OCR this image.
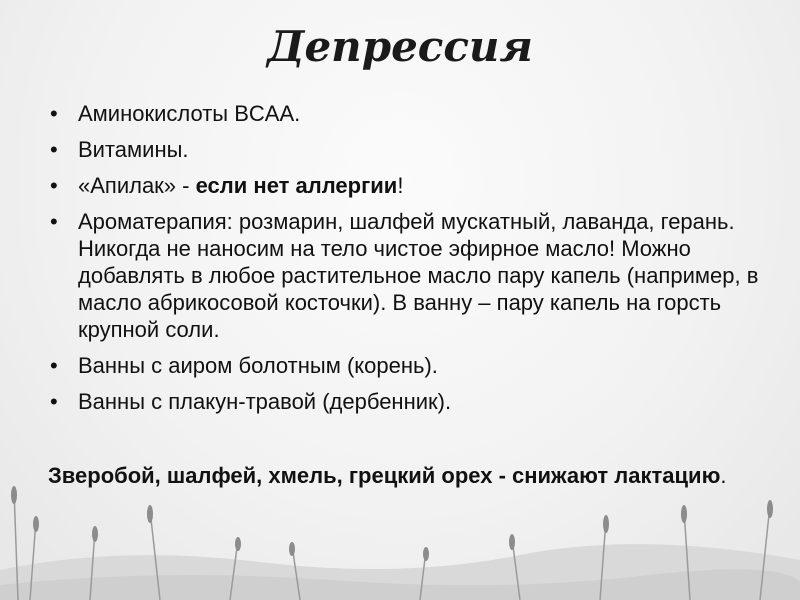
Депрессия
• Аминокислоты BCAA.
• Витамины.
• «Апилак» - если нет аллергии!
• Ароматерапия: розмарин, шалфей мускатный, лаванда, герань. Никогда не наносим на тело чистое эфирное масло! Можно добавлять в любое растительное масло пару капель (например, в масло абрикосовой косточки). В ванну – пару капель на горсть крупной соли.
• Ванны с аиром болотным (корень).
• Ванны с плакун-травой (дербенник).
Зверобой, шалфей, хмель, грецкий орех - снижают лактацию.
